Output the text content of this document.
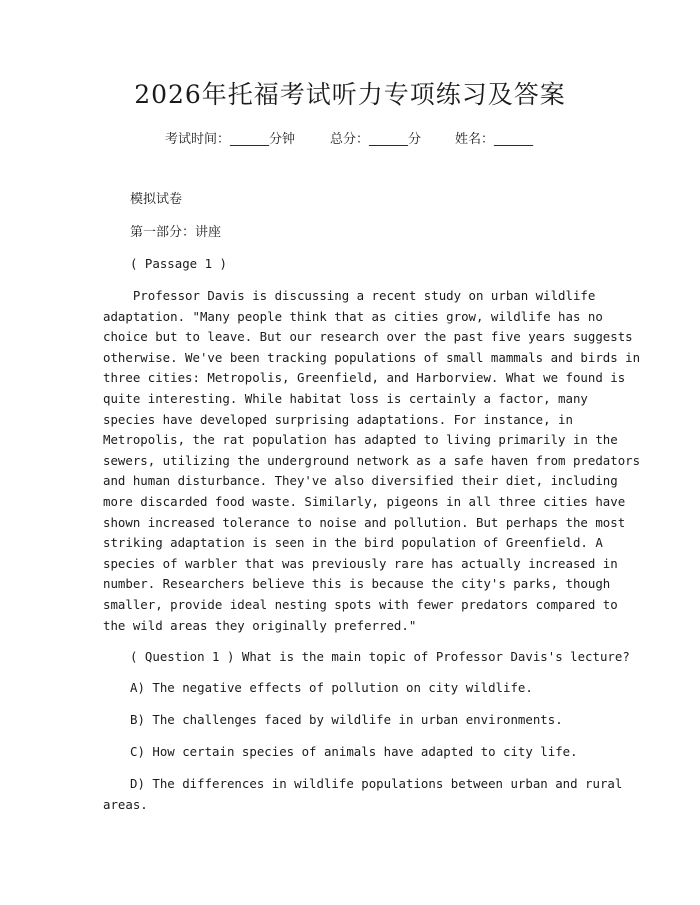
2026年托福考试听力专项练习及答案
考试时间：______分钟	总分：______分	姓名：______
模拟试卷
第一部分：讲座
( Passage 1 )
Professor Davis is discussing a recent study on urban wildlife
adaptation. "Many people think that as cities grow, wildlife has no
choice but to leave. But our research over the past five years suggests
otherwise. We've been tracking populations of small mammals and birds in
three cities: Metropolis, Greenfield, and Harborview. What we found is
quite interesting. While habitat loss is certainly a factor, many
species have developed surprising adaptations. For instance, in
Metropolis, the rat population has adapted to living primarily in the
sewers, utilizing the underground network as a safe haven from predators
and human disturbance. They've also diversified their diet, including
more discarded food waste. Similarly, pigeons in all three cities have
shown increased tolerance to noise and pollution. But perhaps the most
striking adaptation is seen in the bird population of Greenfield. A
species of warbler that was previously rare has actually increased in
number. Researchers believe this is because the city's parks, though
smaller, provide ideal nesting spots with fewer predators compared to
the wild areas they originally preferred."
( Question 1 ) What is the main topic of Professor Davis's lecture?
A) The negative effects of pollution on city wildlife.
B) The challenges faced by wildlife in urban environments.
C) How certain species of animals have adapted to city life.
D) The differences in wildlife populations between urban and rural
areas.
